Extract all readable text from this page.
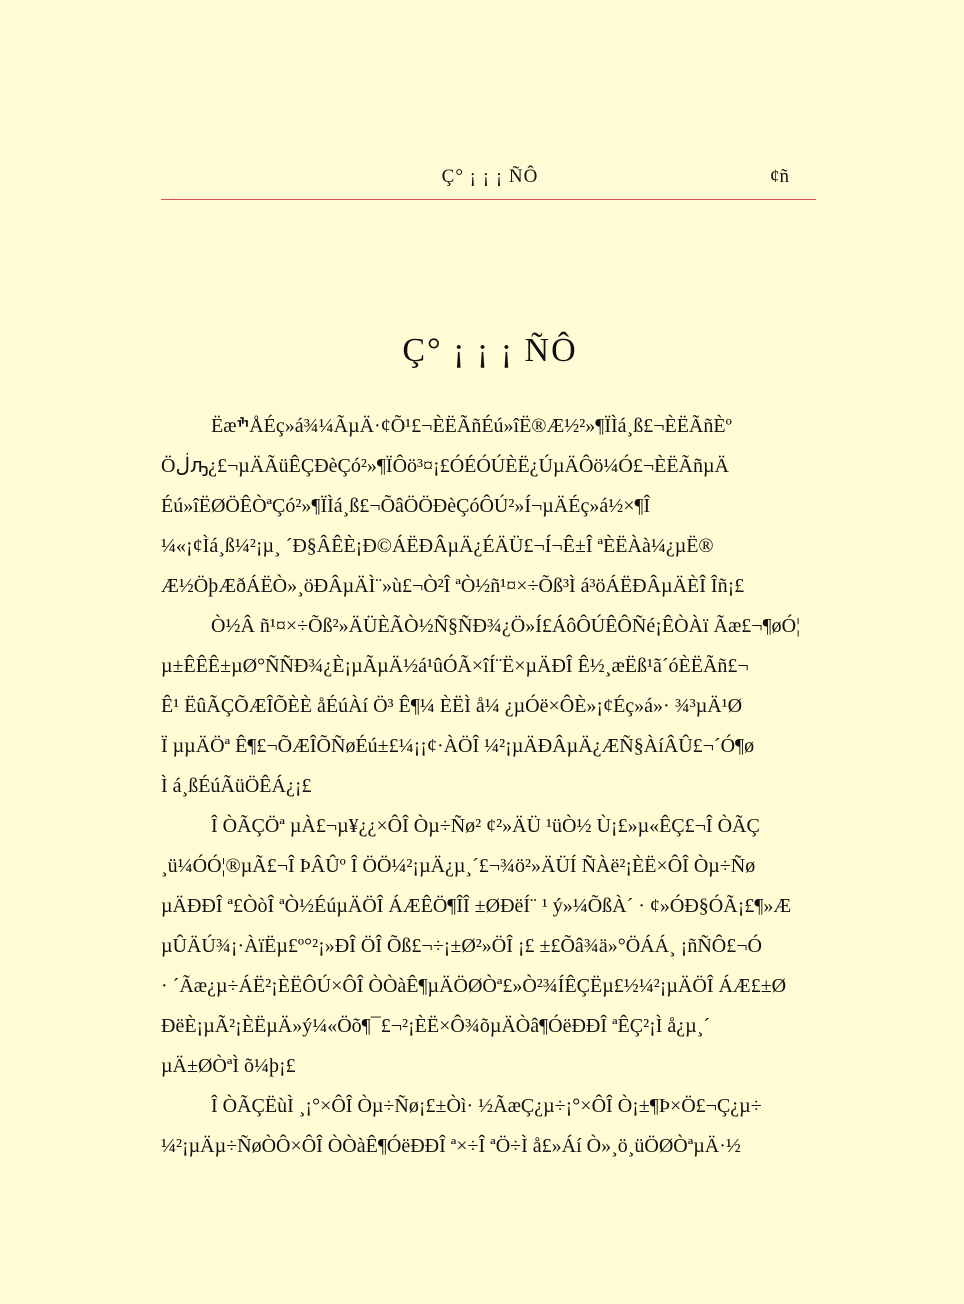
Ç° ¡ ¡ ¡ ÑÔ	¢ñ
Ç° ¡ ¡ ¡ ÑÔ
ËæׯÅÉç»á¾¼ÃµÄ·¢Õ¹£¬ÈËÃñÉú»îË®Æ½²»¶ÏÌá¸ß£¬ÈËÃñÈº
Öڶԡ¿£¬µÄÃüÊÇÐèÇó²»¶ÏÔö³¤¡£ÓÉÓÚÈË¿ÚµÄÔö¼Ó£¬ÈËÃñµÄ
Éú»îËØÖÊÒªÇó²»¶ÏÌá¸ß£¬ÕâÖÖÐèÇóÔÚ²»Í¬µÄÉç»á½×¶Î
¼«¡¢Ìá¸ß¼²¡µ¸ ´Ð§ÂÊÈ¡Ð©ÁËÐÂµÄ¿ÉÄÜ£¬Í¬Ê±Î ªÈËÀà¼¿µË®
Æ½ÖþÆðÁËÒ»¸öÐÂµÄÌ¨»ù£¬Ò²Î ªÒ½ñ¹¤×÷Õß³Ì á³öÁËÐÂµÄÈÎ Îñ¡£
Ò½Â ñ¹¤×÷Õß²»ÄÜÈÃÒ½Ñ§ÑÐ¾¿Ö»Í£ÁôÔÚÊÔÑé¡ÊÒÀï Ãæ£¬¶øÓ¦
µ±ÊÊÊ±µØ°ÑÑÐ¾¿È¡µÃµÄ½á¹ûÓÃ×îÍ¨Ë×µÄÐÎ Ê½¸æËß¹ã´óÈËÃñ£¬
Ê¹ ËûÃÇÕÆÎÕÈÈ åÉúÀí Ö³ Ê¶¼ ÈËÌ å¼ ¿µÓë×ÔÈ»¡¢Éç»á»· ¾³µÄ¹Ø
Ï µµÄÖª Ê¶£¬ÕÆÎÕÑøÉú±£¼¡¡¢·ÀÖÎ ¼²¡µÄÐÂµÄ¿ÆÑ§ÀíÂÛ£¬´Ó¶ø
Ì á¸ßÉúÃüÖÊÁ¿¡£
Î ÒÃÇÖª µÀ£¬µ¥¿¿×ÔÎ Òµ÷Ñø² ¢²»ÄÜ ¹üÒ½ Ù¡£»µ«ÊÇ£¬Î ÒÃÇ
¸ü¼ÓÓ¦®µÃ£¬Î ÞÂÛº Î ÖÖ¼²¡µÄ¿µ¸´£¬¾ö²»ÄÜÍ ÑÀë²¡ÈË×ÔÎ Òµ÷Ñø
µÄÐÐÎ ª£ÒòÎ ªÒ½ÉúµÄÖÎ ÁÆÊÖ¶ÎÎ ±ØÐëÍ¨ ¹ ý»¼ÕßÀ´ · ¢»ÓÐ§ÓÃ¡£¶»Æ
µÛÄÚ¾¡·ÀïËµ£º°²¡»ÐÎ ÖÎ Õß£¬÷¡±Ø²»ÖÎ ¡£ ±£Õâ¾ä»°ÖÁÁ¸ ¡ñÑÔ£¬Ó
· ´Ãæ¿µ÷ÁË²¡ÈËÔÚ×ÔÎ ÒÒàÊ¶µÄÖØÒª£»Ò²¾ÍÊÇËµ£½¼²¡µÄÖÎ ÁÆ£±Ø
ÐëÈ¡µÃ²¡ÈËµÄ»ý¼«Öõ¶¯£¬²¡ÈË×Ô¾õµÄÒâ¶ÓëÐÐÎ ªÊÇ²¡Ì å¿µ¸´
µÄ±ØÒªÌ õ¼þ¡£
Î ÒÃÇËùÌ ¸¡°×ÔÎ Òµ÷Ñø¡£±Òì· ½ÃæÇ¿µ÷¡°×ÔÎ Ò¡±¶Þ×Ö£¬Ç¿µ÷
¼²¡µÄµ÷ÑøÒÔ×ÔÎ ÒÒàÊ¶ÓëÐÐÎ ª×÷Î ªÖ÷Ì å£»Áí Ò»¸ö¸üÖØÒªµÄ·½
